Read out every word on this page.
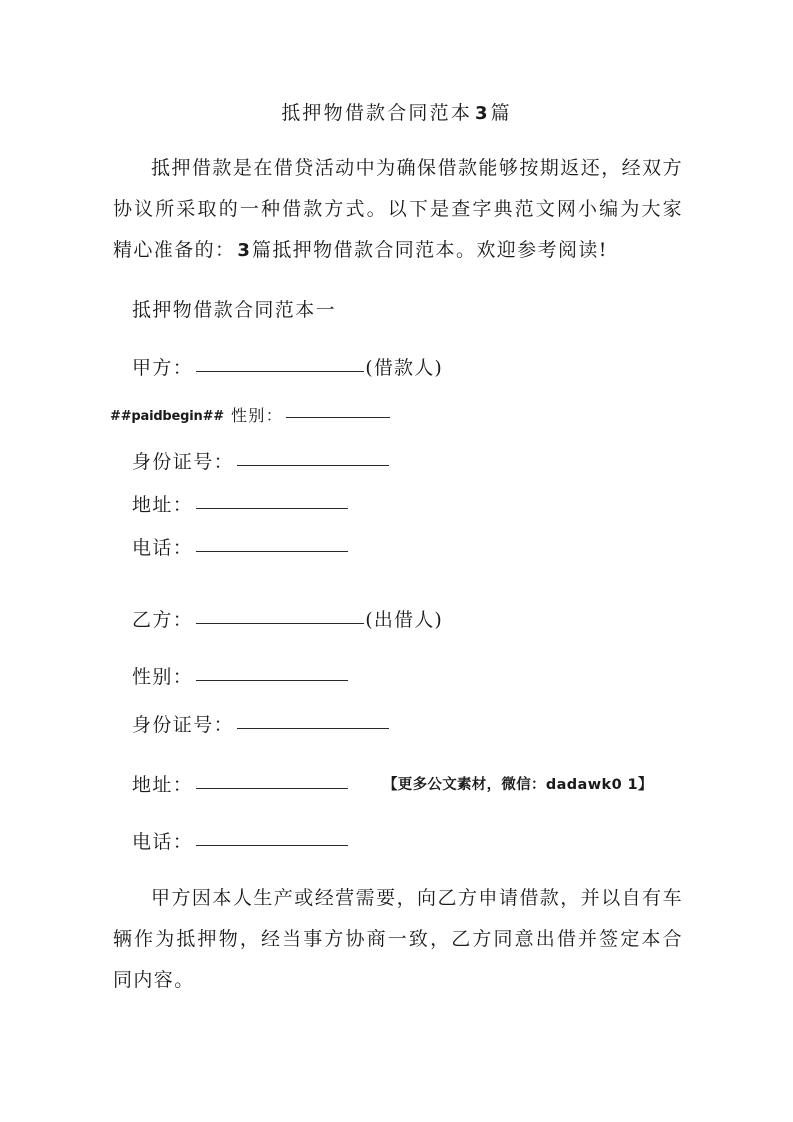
抵押物借款合同范本 3 篇
抵押借款是在借贷活动中为确保借款能够按期返还，经双方协议所采取的一种借款方式。以下是查字典范文网小编为大家精心准备的： 3 篇抵押物借款合同范本。欢迎参考阅读!
抵押物借款合同范本一
甲方：	(借款人)
##paidbegin## 性别：
身份证号：
地址：
电话：
乙方：	(出借人)
性别：
身份证号：
地址：	【更多公文素材，微信：dadawk0 1】
电话：
甲方因本人生产或经营需要，向乙方申请借款，并以自有车辆作为抵押物，经当事方协商一致，乙方同意出借并签定本合同内容。
